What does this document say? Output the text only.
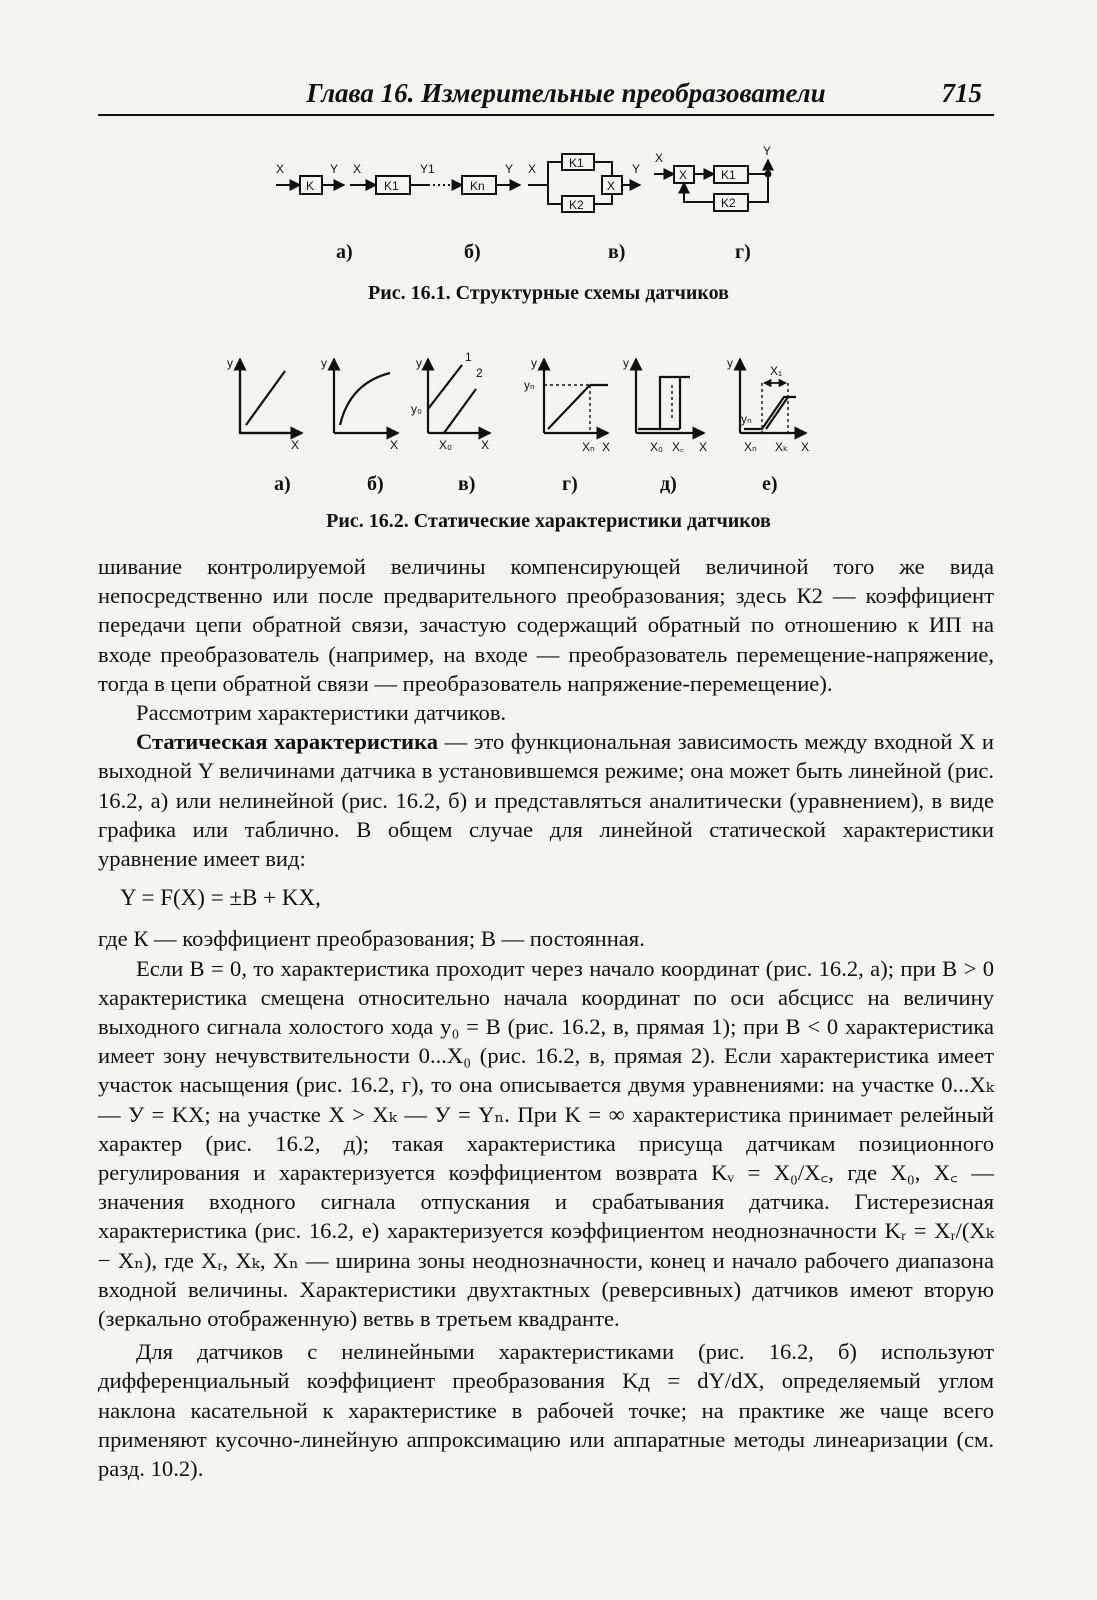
Глава 16. Измерительные преобразователи	715
X
K
Y X
K1
Y1
Kn
Y X	K1
K2
X
Y
X
X	K1
Y
K2
а)	б)	в)	г)
Рис. 16.1. Структурные схемы датчиков
y
X
y
X
y
y₀
1
2
X₀ X
y
yₙ
Xₙ X
y
X₀ X꜀ X
y
X₁
yₙ
Xₙ Xₖ X
а)	б)	в)	г)	д)	е)
Рис. 16.2. Статические характеристики датчиков

шивание контролируемой величины компенсирующей величиной того же вида непосредственно или после предварительного преобразования; здесь К2 — коэффициент передачи цепи обратной связи, зачастую содержащий обратный по отношению к ИП на входе преобразователь (например, на входе — преобразователь перемещение-напряжение, тогда в цепи обратной связи — преобразователь напряжение-перемещение).

Рассмотрим характеристики датчиков.

Статическая характеристика — это функциональная зависимость между входной X и выходной Y величинами датчика в установившемся режиме; она может быть линейной (рис. 16.2, а) или нелинейной (рис. 16.2, б) и представляться аналитически (уравнением), в виде графика или таблично. В общем случае для линейной статической характеристики уравнение имеет вид:

Y = F(X) = ±B + KX,

где К — коэффициент преобразования; В — постоянная.

Если B = 0, то характеристика проходит через начало координат (рис. 16.2, а); при B > 0 характеристика смещена относительно начала координат по оси абсцисс на величину выходного сигнала холостого хода y₀ = B (рис. 16.2, в, прямая 1); при B < 0 характеристика имеет зону нечувствительности 0...X₀ (рис. 16.2, в, прямая 2). Если характеристика имеет участок насыщения (рис. 16.2, г), то она описывается двумя уравнениями: на участке 0...Xₖ — У = KX; на участке X > Xₖ — У = Yₙ. При K = ∞ характеристика принимает релейный характер (рис. 16.2, д); такая характеристика присуща датчикам позиционного регулирования и характеризуется коэффициентом возврата Kᵥ = X₀/X꜀, где X₀, X꜀ — значения входного сигнала отпускания и срабатывания датчика. Гистерезисная характеристика (рис. 16.2, е) характеризуется коэффициентом неоднозначности Kᵣ = Xᵣ/(Xₖ − Xₙ), где Xᵣ, Xₖ, Xₙ — ширина зоны неоднозначности, конец и начало рабочего диапазона входной величины. Характеристики двухтактных (реверсивных) датчиков имеют вторую (зеркально отображенную) ветвь в третьем квадранте.

Для датчиков с нелинейными характеристиками (рис. 16.2, б) используют дифференциальный коэффициент преобразования Kд = dY/dX, определяемый углом наклона касательной к характеристике в рабочей точке; на практике же чаще всего применяют кусочно-линейную аппроксимацию или аппаратные методы линеаризации (см. разд. 10.2).
